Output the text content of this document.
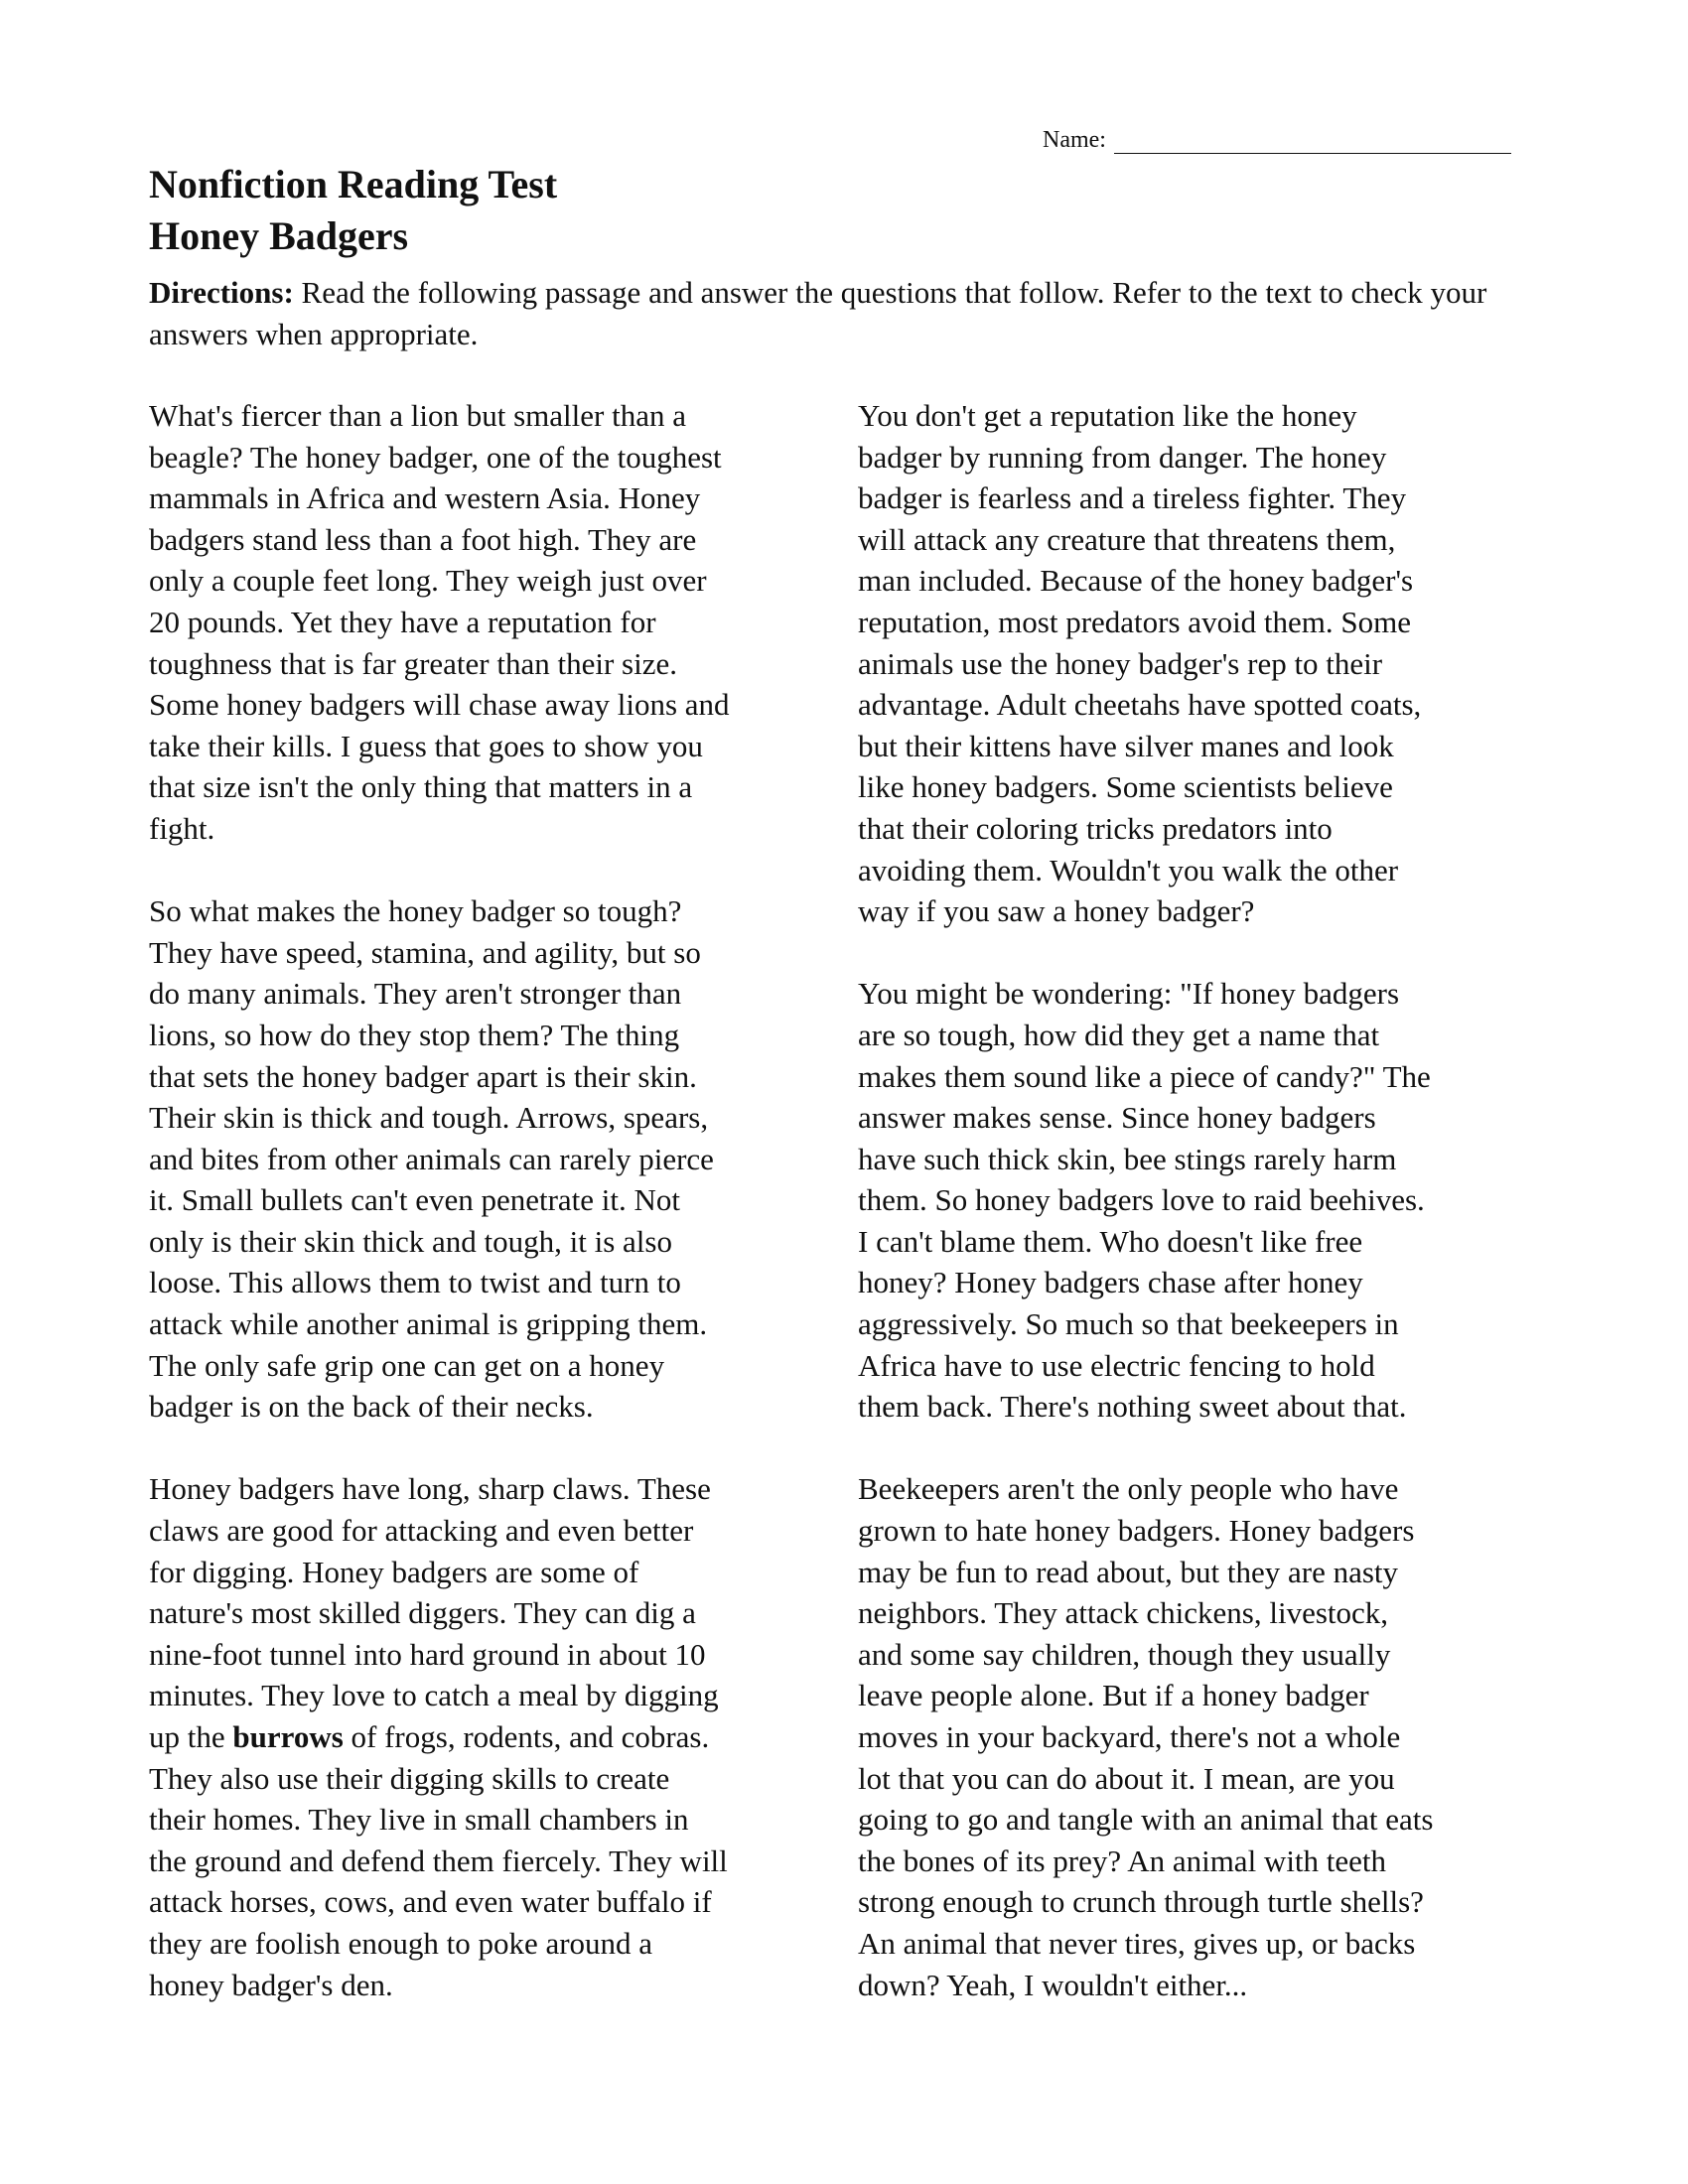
Name:
Nonfiction Reading Test
Honey Badgers

Directions: Read the following passage and answer the questions that follow. Refer to the text to check your answers when appropriate.

What's fiercer than a lion but smaller than a
beagle? The honey badger, one of the toughest
mammals in Africa and western Asia. Honey
badgers stand less than a foot high. They are
only a couple feet long. They weigh just over
20 pounds. Yet they have a reputation for
toughness that is far greater than their size.
Some honey badgers will chase away lions and
take their kills. I guess that goes to show you
that size isn't the only thing that matters in a
fight.

So what makes the honey badger so tough?
They have speed, stamina, and agility, but so
do many animals. They aren't stronger than
lions, so how do they stop them? The thing
that sets the honey badger apart is their skin.
Their skin is thick and tough. Arrows, spears,
and bites from other animals can rarely pierce
it. Small bullets can't even penetrate it. Not
only is their skin thick and tough, it is also
loose. This allows them to twist and turn to
attack while another animal is gripping them.
The only safe grip one can get on a honey
badger is on the back of their necks.

Honey badgers have long, sharp claws. These
claws are good for attacking and even better
for digging. Honey badgers are some of
nature's most skilled diggers. They can dig a
nine-foot tunnel into hard ground in about 10
minutes. They love to catch a meal by digging
up the burrows of frogs, rodents, and cobras.
They also use their digging skills to create
their homes. They live in small chambers in
the ground and defend them fiercely. They will
attack horses, cows, and even water buffalo if
they are foolish enough to poke around a
honey badger's den.

You don't get a reputation like the honey
badger by running from danger. The honey
badger is fearless and a tireless fighter. They
will attack any creature that threatens them,
man included. Because of the honey badger's
reputation, most predators avoid them. Some
animals use the honey badger's rep to their
advantage. Adult cheetahs have spotted coats,
but their kittens have silver manes and look
like honey badgers. Some scientists believe
that their coloring tricks predators into
avoiding them. Wouldn't you walk the other
way if you saw a honey badger?

You might be wondering: "If honey badgers
are so tough, how did they get a name that
makes them sound like a piece of candy?" The
answer makes sense. Since honey badgers
have such thick skin, bee stings rarely harm
them. So honey badgers love to raid beehives.
I can't blame them. Who doesn't like free
honey? Honey badgers chase after honey
aggressively. So much so that beekeepers in
Africa have to use electric fencing to hold
them back. There's nothing sweet about that.

Beekeepers aren't the only people who have
grown to hate honey badgers. Honey badgers
may be fun to read about, but they are nasty
neighbors. They attack chickens, livestock,
and some say children, though they usually
leave people alone. But if a honey badger
moves in your backyard, there's not a whole
lot that you can do about it. I mean, are you
going to go and tangle with an animal that eats
the bones of its prey? An animal with teeth
strong enough to crunch through turtle shells?
An animal that never tires, gives up, or backs
down? Yeah, I wouldn't either...
